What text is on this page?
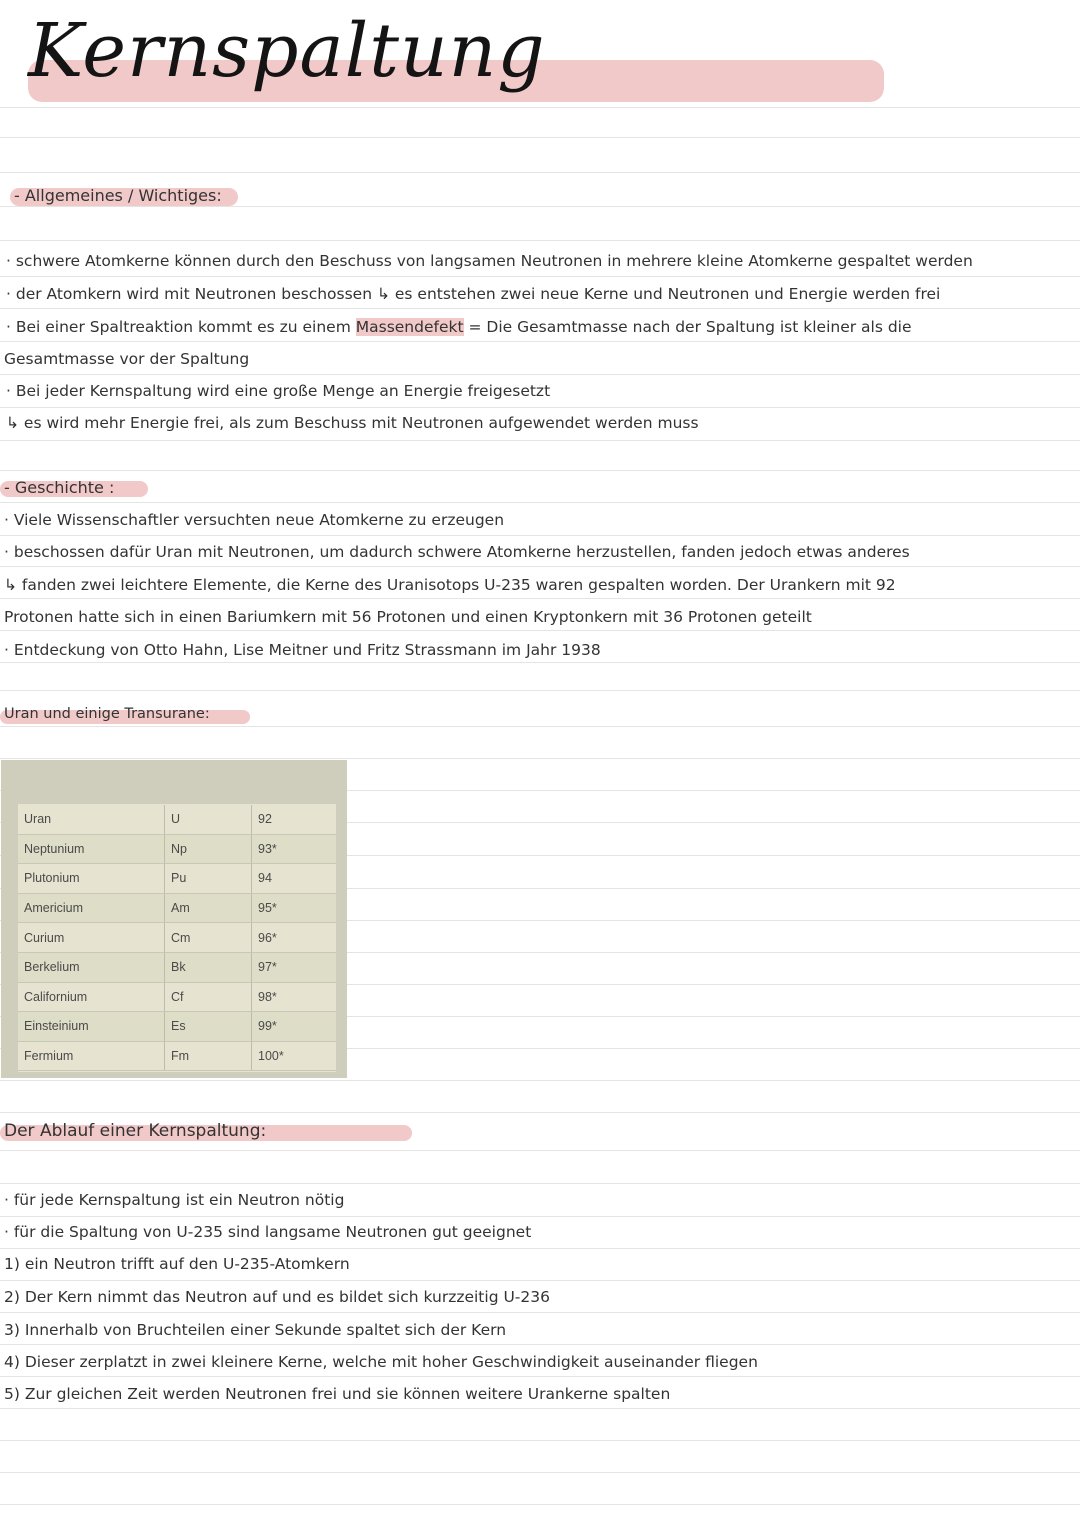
Kernspaltung
- Allgemeines / Wichtiges:
· schwere Atomkerne können durch den Beschuss von langsamen Neutronen in mehrere kleine Atomkerne gespaltet werden
· der Atomkern wird mit Neutronen beschossen ↳ es entstehen zwei neue Kerne und Neutronen und Energie werden frei
· Bei einer Spaltreaktion kommt es zu einem Massendefekt = Die Gesamtmasse nach der Spaltung ist kleiner als die
Gesamtmasse vor der Spaltung
· Bei jeder Kernspaltung wird eine große Menge an Energie freigesetzt
↳ es wird mehr Energie frei, als zum Beschuss mit Neutronen aufgewendet werden muss
- Geschichte :
· Viele Wissenschaftler versuchten neue Atomkerne zu erzeugen
· beschossen dafür Uran mit Neutronen, um dadurch schwere Atomkerne herzustellen, fanden jedoch etwas anderes
↳ fanden zwei leichtere Elemente, die Kerne des Uranisotops U-235 waren gespalten worden. Der Urankern mit 92
Protonen hatte sich in einen Bariumkern mit 56 Protonen und einen Kryptonkern mit 36 Protonen geteilt
· Entdeckung von Otto Hahn, Lise Meitner und Fritz Strassmann im Jahr 1938
Uran und einige Transurane:
Uran	U	92
Neptunium	Np	93*
Plutonium	Pu	94
Americium	Am	95*
Curium	Cm	96*
Berkelium	Bk	97*
Californium	Cf	98*
Einsteinium	Es	99*
Fermium	Fm	100*
Der Ablauf einer Kernspaltung:
· für jede Kernspaltung ist ein Neutron nötig
· für die Spaltung von U-235 sind langsame Neutronen gut geeignet
1) ein Neutron trifft auf den U-235-Atomkern
2) Der Kern nimmt das Neutron auf und es bildet sich kurzzeitig U-236
3) Innerhalb von Bruchteilen einer Sekunde spaltet sich der Kern
4) Dieser zerplatzt in zwei kleinere Kerne, welche mit hoher Geschwindigkeit auseinander fliegen
5) Zur gleichen Zeit werden Neutronen frei und sie können weitere Urankerne spalten
